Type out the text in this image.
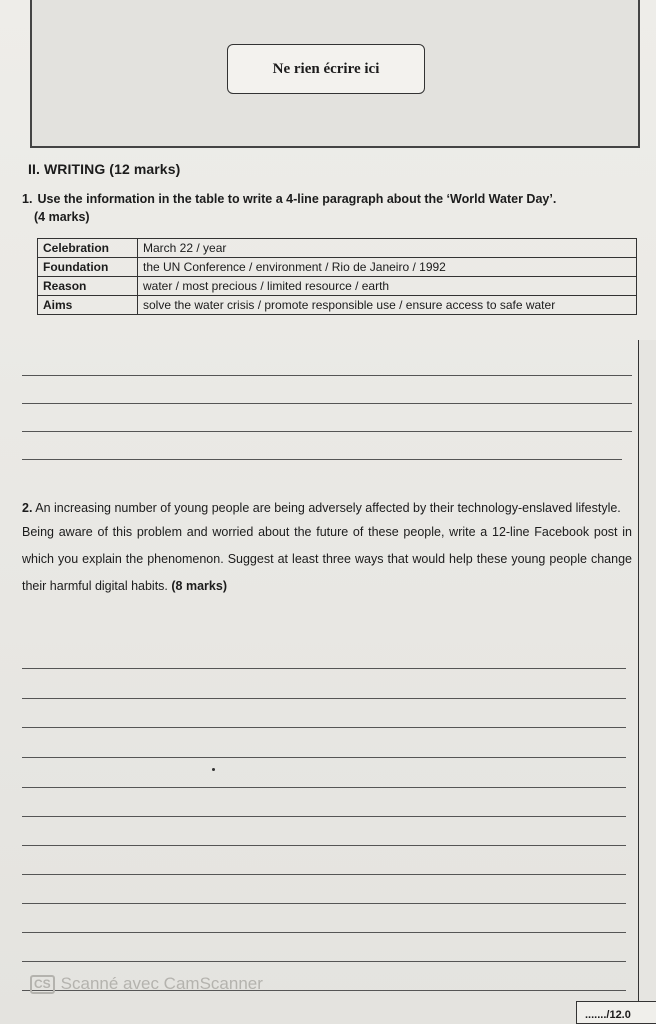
Ne rien écrire ici
II. WRITING (12 marks)
1. Use the information in the table to write a 4-line paragraph about the ‘World Water Day’.
(4 marks)
Celebration	March 22 / year
Foundation	the UN Conference / environment / Rio de Janeiro / 1992
Reason	water / most precious / limited resource / earth
Aims	solve the water crisis / promote responsible use / ensure access to safe water

2. An increasing number of young people are being adversely affected by their technology-enslaved lifestyle.

Being aware of this problem and worried about the future of these people, write a 12-line Facebook post in which you explain the phenomenon. Suggest at least three ways that would help these young people change their harmful digital habits. (8 marks)

CS Scanné avec CamScanner
......./12.0
